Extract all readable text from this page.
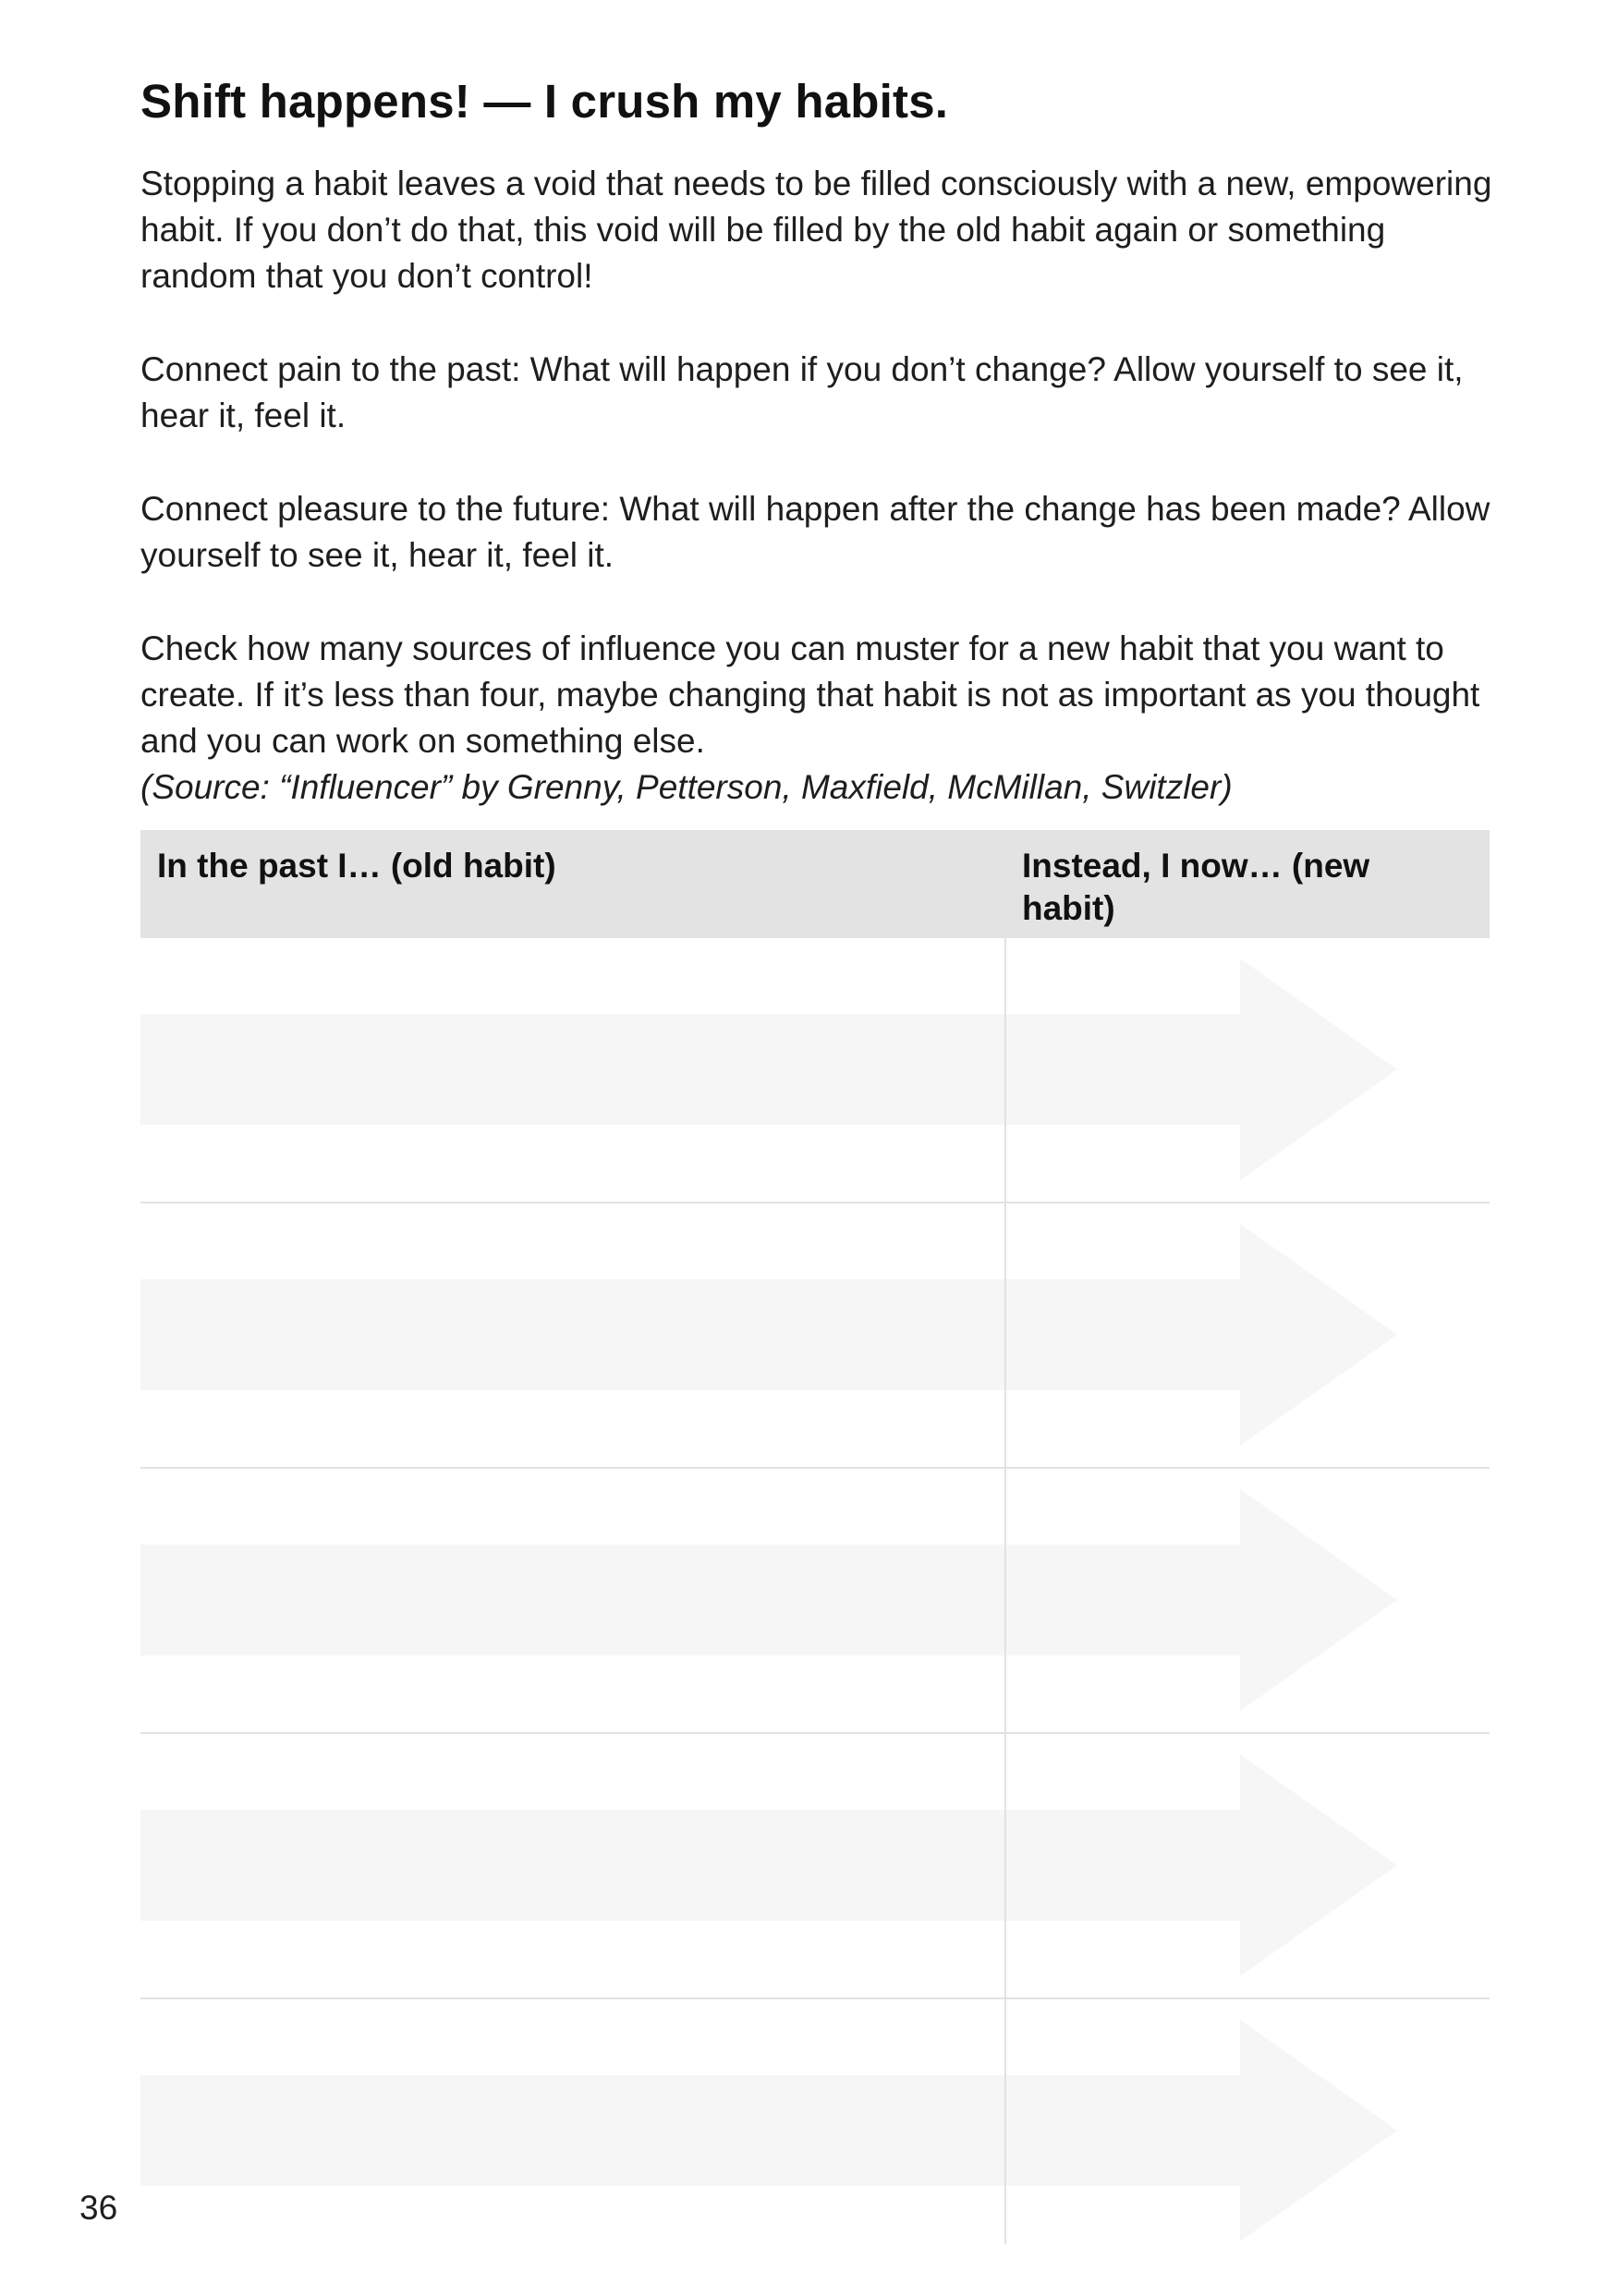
Shift happens! — I crush my habits.

Stopping a habit leaves a void that needs to be filled consciously with a new, empowering habit. If you don’t do that, this void will be filled by the old habit again or something random that you don’t control!

Connect pain to the past: What will happen if you don’t change? Allow yourself to see it, hear it, feel it.

Connect pleasure to the future: What will happen after the change has been made? Allow yourself to see it, hear it, feel it.

Check how many sources of influence you can muster for a new habit that you want to create. If it’s less than four, maybe changing that habit is not as important as you thought and you can work on something else.

(Source: “Influencer” by Grenny, Petterson, Maxfield, McMillan, Switzler)

In the past I… (old habit)	Instead, I now… (new habit)
36
